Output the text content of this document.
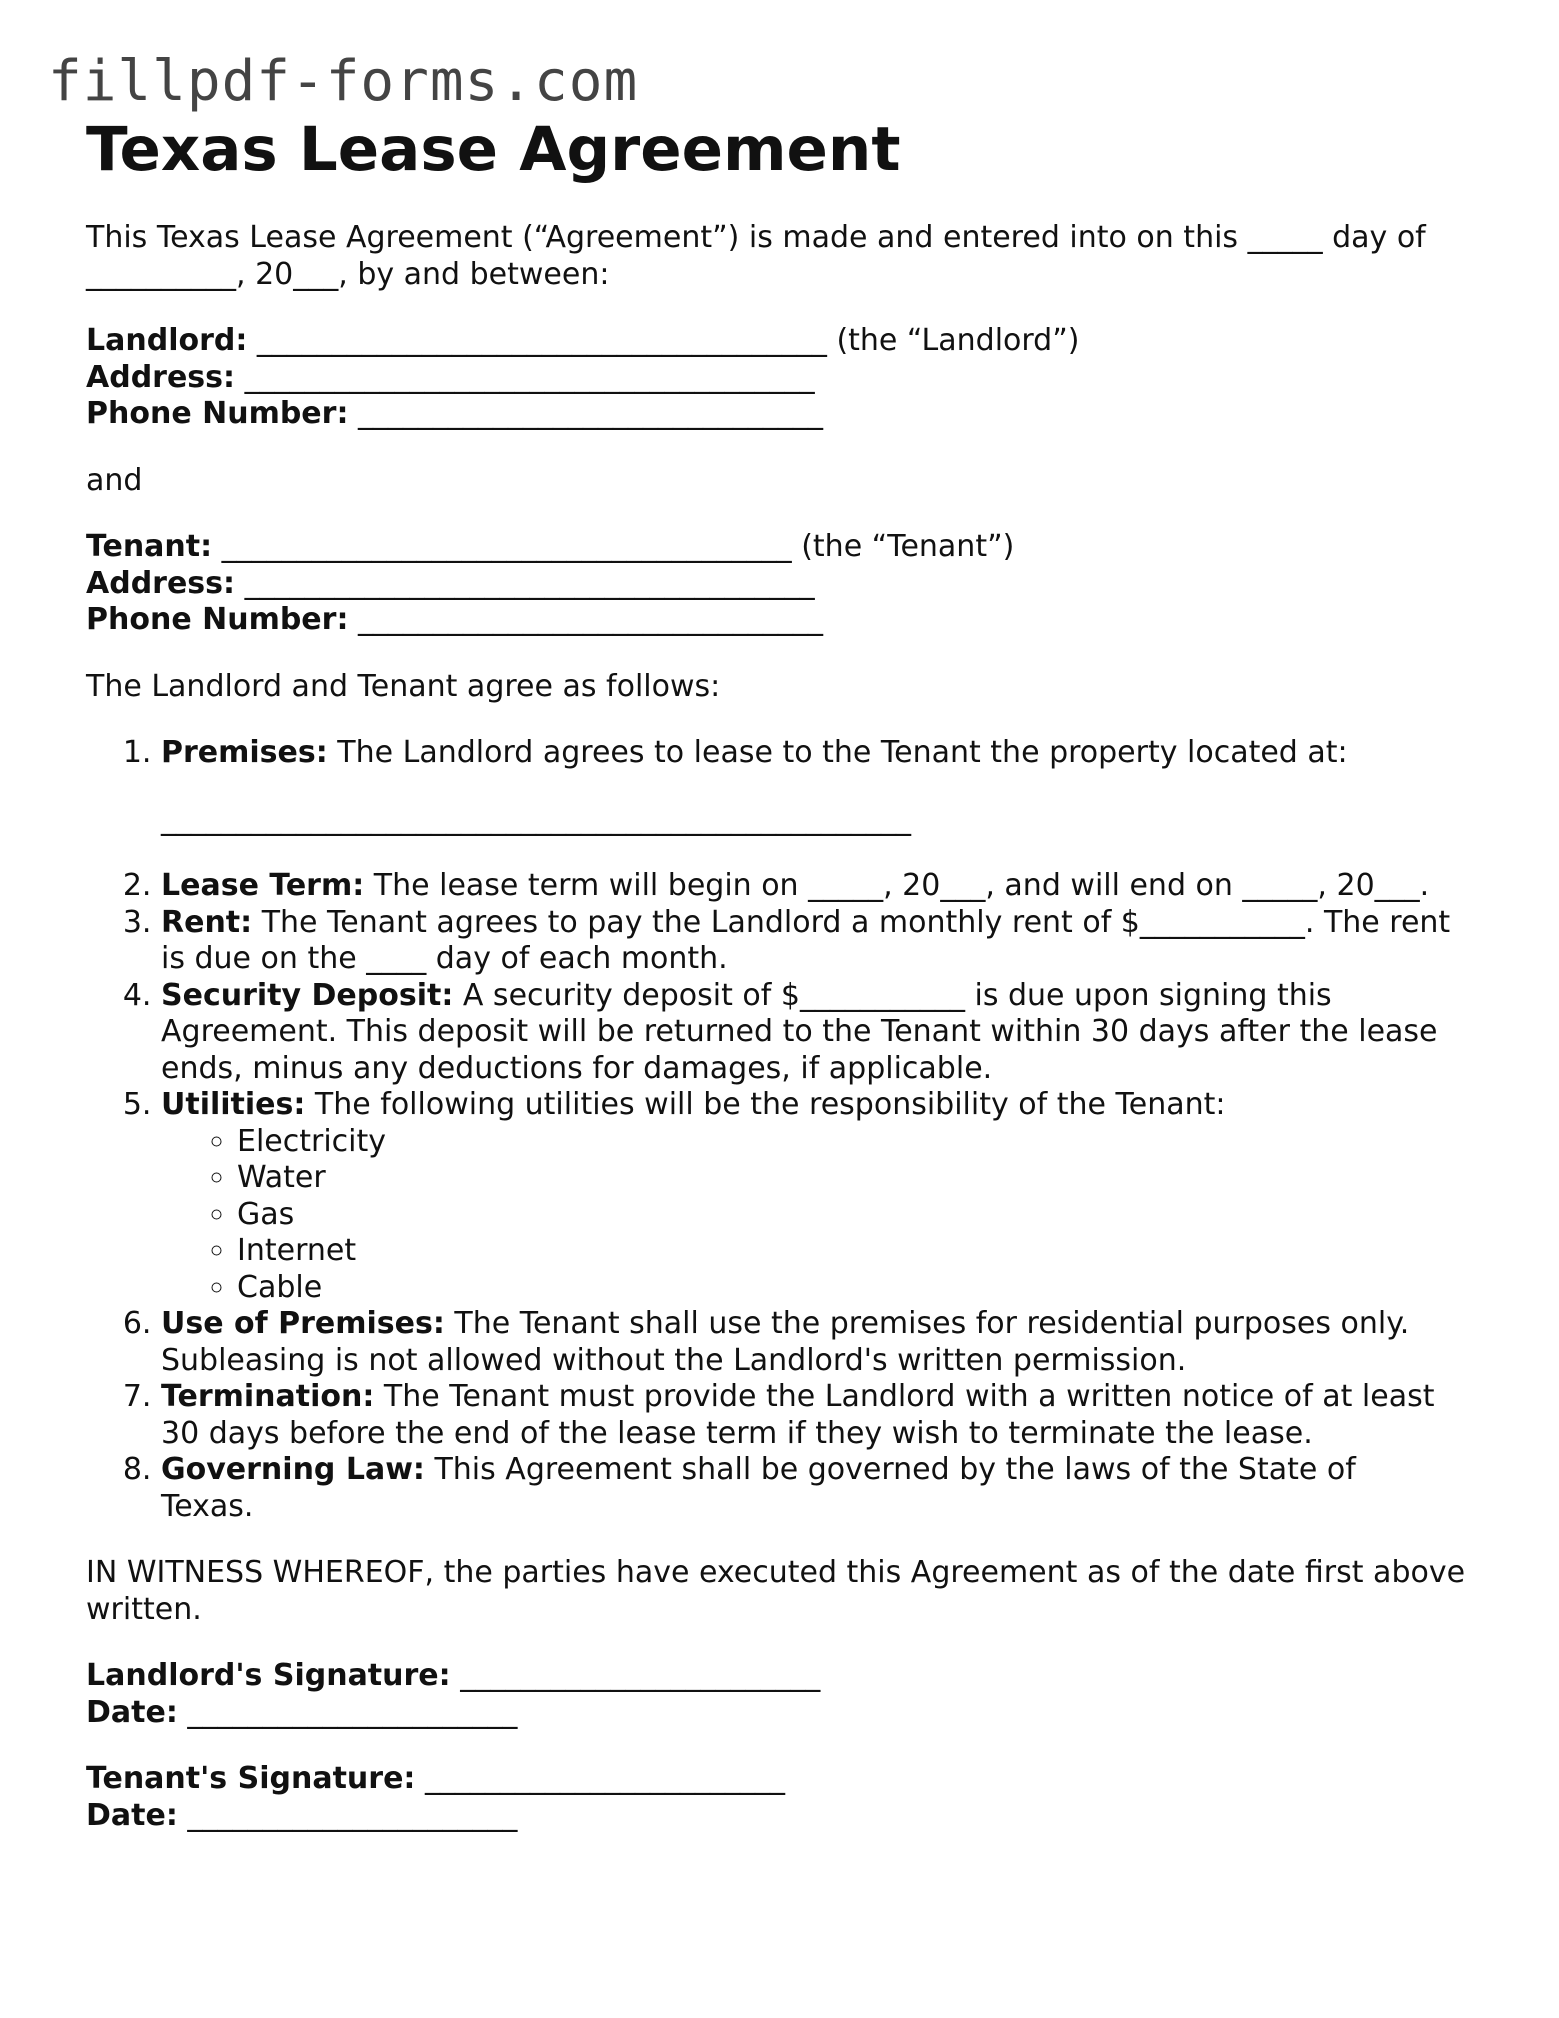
fillpdf-forms.com
Texas Lease Agreement

This Texas Lease Agreement (“Agreement”) is made and entered into on this _____ day of __________, 20___, by and between:

Landlord: ______________________________________ (the “Landlord”)
Address: ______________________________________
Phone Number: _______________________________

and

Tenant: ______________________________________ (the “Tenant”)
Address: ______________________________________
Phone Number: _______________________________

The Landlord and Tenant agree as follows:

1. Premises: The Landlord agrees to lease to the Tenant the property located at:
__________________________________________________
2. Lease Term: The lease term will begin on _____, 20___, and will end on _____, 20___.
3. Rent: The Tenant agrees to pay the Landlord a monthly rent of $___________. The rent is due on the ____ day of each month.
4. Security Deposit: A security deposit of $___________ is due upon signing this Agreement. This deposit will be returned to the Tenant within 30 days after the lease ends, minus any deductions for damages, if applicable.
5. Utilities: The following utilities will be the responsibility of the Tenant:
◦ Electricity
◦ Water
◦ Gas
◦ Internet
◦ Cable
6. Use of Premises: The Tenant shall use the premises for residential purposes only. Subleasing is not allowed without the Landlord's written permission.
7. Termination: The Tenant must provide the Landlord with a written notice of at least 30 days before the end of the lease term if they wish to terminate the lease.
8. Governing Law: This Agreement shall be governed by the laws of the State of Texas.

IN WITNESS WHEREOF, the parties have executed this Agreement as of the date first above written.

Landlord's Signature: ________________________
Date: ______________________
Tenant's Signature: ________________________
Date: ______________________
